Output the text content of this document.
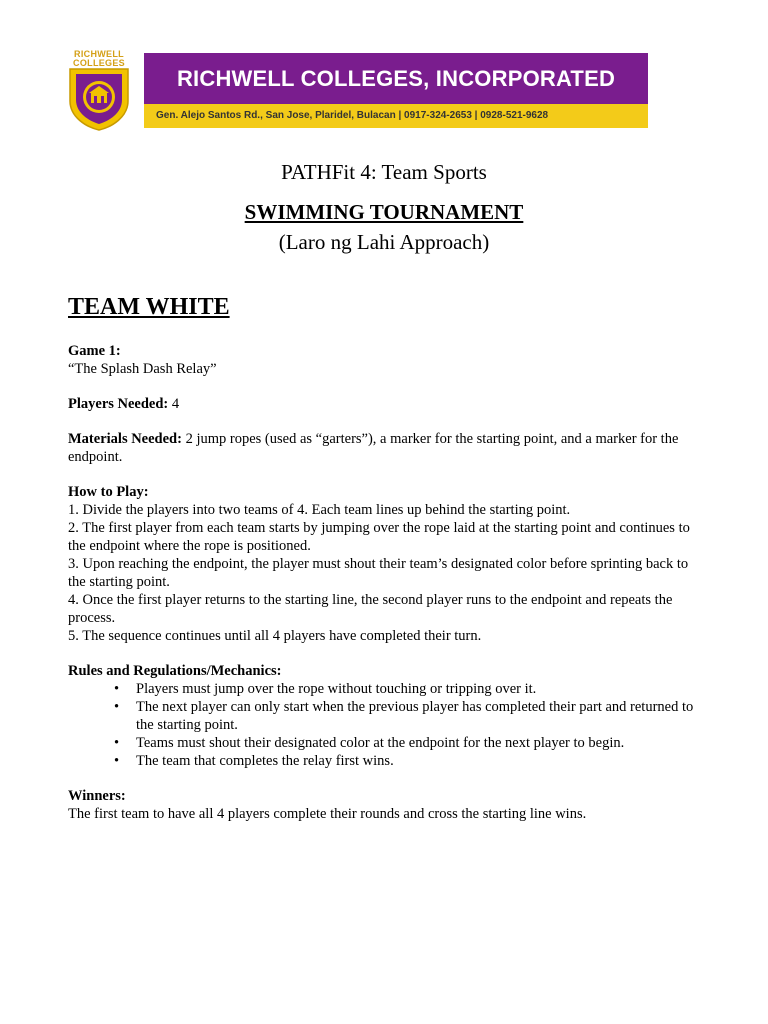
RICHWELL
COLLEGES
RICHWELL COLLEGES, INCORPORATED
Gen. Alejo Santos Rd., San Jose, Plaridel, Bulacan | 0917-324-2653 | 0928-521-9628
PATHFit 4: Team Sports
SWIMMING TOURNAMENT
(Laro ng Lahi Approach)
TEAM WHITE

Game 1:

“The Splash Dash Relay”

Players Needed: 4

Materials Needed: 2 jump ropes (used as “garters”), a marker for the starting point, and a marker for the endpoint.

How to Play:

1. Divide the players into two teams of 4. Each team lines up behind the starting point.

2. The first player from each team starts by jumping over the rope laid at the starting point and continues to the endpoint where the rope is positioned.

3. Upon reaching the endpoint, the player must shout their team’s designated color before sprinting back to the starting point.

4. Once the first player returns to the starting line, the second player runs to the endpoint and repeats the process.

5. The sequence continues until all 4 players have completed their turn.

Rules and Regulations/Mechanics:

• Players must jump over the rope without touching or tripping over it.
• The next player can only start when the previous player has completed their part and returned to the starting point.
• Teams must shout their designated color at the endpoint for the next player to begin.
• The team that completes the relay first wins.

Winners:

The first team to have all 4 players complete their rounds and cross the starting line wins.
